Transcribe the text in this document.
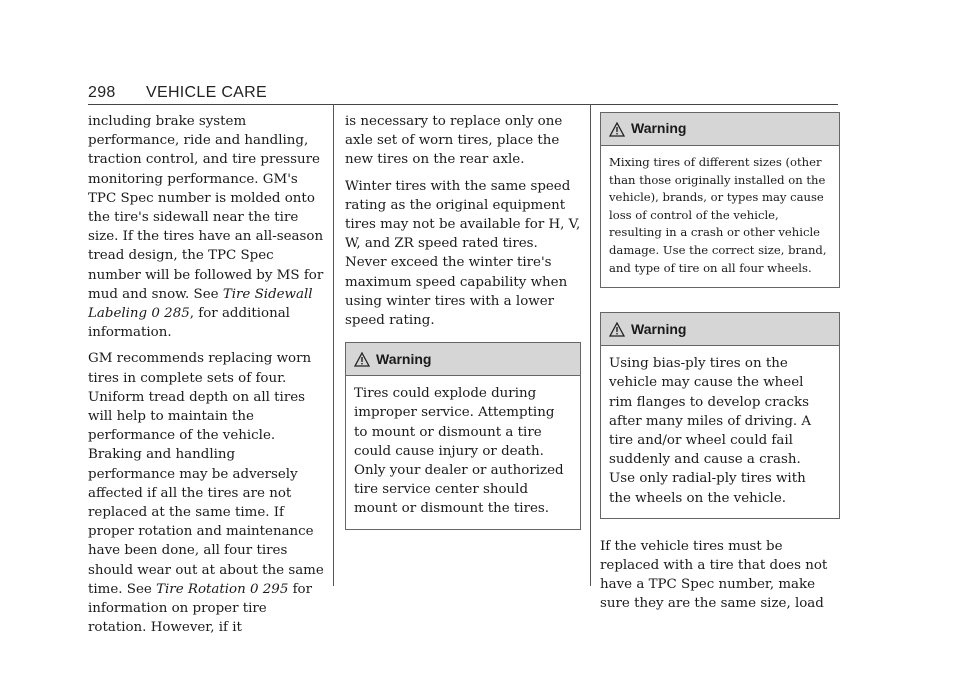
298 VEHICLE CARE

including brake system performance, ride and handling, traction control, and tire pressure monitoring performance. GM's TPC Spec number is molded onto the tire's sidewall near the tire size. If the tires have an all-season tread design, the TPC Spec number will be followed by MS for mud and snow. See Tire Sidewall Labeling 0 285, for additional information.

GM recommends replacing worn tires in complete sets of four. Uniform tread depth on all tires will help to maintain the performance of the vehicle. Braking and handling performance may be adversely affected if all the tires are not replaced at the same time. If proper rotation and maintenance have been done, all four tires should wear out at about the same time. See Tire Rotation 0 295 for information on proper tire rotation. However, if it

is necessary to replace only one axle set of worn tires, place the new tires on the rear axle.

Winter tires with the same speed rating as the original equipment tires may not be available for H, V, W, and ZR speed rated tires. Never exceed the winter tire's maximum speed capability when using winter tires with a lower speed rating.

Warning
Tires could explode during improper service. Attempting to mount or dismount a tire could cause injury or death. Only your dealer or authorized tire service center should mount or dismount the tires.
Warning
Mixing tires of different sizes (other than those originally installed on the vehicle), brands, or types may cause loss of control of the vehicle, resulting in a crash or other vehicle damage. Use the correct size, brand, and type of tire on all four wheels.
Warning
Using bias-ply tires on the vehicle may cause the wheel rim flanges to develop cracks after many miles of driving. A tire and/or wheel could fail suddenly and cause a crash. Use only radial-ply tires with the wheels on the vehicle.

If the vehicle tires must be replaced with a tire that does not have a TPC Spec number, make sure they are the same size, load
